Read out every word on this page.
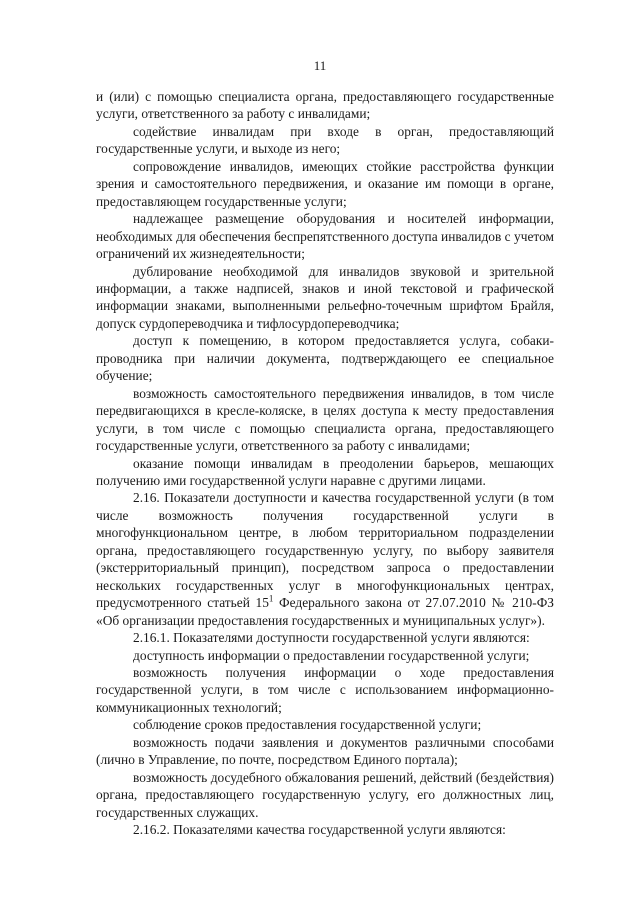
11

и (или) с помощью специалиста органа, предоставляющего государственные услуги, ответственного за работу с инвалидами;

содействие инвалидам при входе в орган, предоставляющий государственные услуги, и выходе из него;

сопровождение инвалидов, имеющих стойкие расстройства функции зрения и самостоятельного передвижения, и оказание им помощи в органе, предоставляющем государственные услуги;

надлежащее размещение оборудования и носителей информации, необходимых для обеспечения беспрепятственного доступа инвалидов с учетом ограничений их жизнедеятельности;

дублирование необходимой для инвалидов звуковой и зрительной информации, а также надписей, знаков и иной текстовой и графической информации знаками, выполненными рельефно-точечным шрифтом Брайля, допуск сурдопереводчика и тифлосурдопереводчика;

доступ к помещению, в котором предоставляется услуга, собаки-проводника при наличии документа, подтверждающего ее специальное обучение;

возможность самостоятельного передвижения инвалидов, в том числе передвигающихся в кресле-коляске, в целях доступа к месту предоставления услуги, в том числе с помощью специалиста органа, предоставляющего государственные услуги, ответственного за работу с инвалидами;

оказание помощи инвалидам в преодолении барьеров, мешающих получению ими государственной услуги наравне с другими лицами.

2.16. Показатели доступности и качества государственной услуги (в том числе возможность получения государственной услуги в многофункциональном центре, в любом территориальном подразделении органа, предоставляющего государственную услугу, по выбору заявителя (экстерриториальный принцип), посредством запроса о предоставлении нескольких государственных услуг в многофункциональных центрах, предусмотренного статьей $15^1$ Федерального закона от 27.07.2010 № 210-ФЗ «Об организации предоставления государственных и муниципальных услуг»).

2.16.1. Показателями доступности государственной услуги являются:

доступность информации о предоставлении государственной услуги;

возможность получения информации о ходе предоставления государственной услуги, в том числе с использованием информационно-коммуникационных технологий;

соблюдение сроков предоставления государственной услуги;

возможность подачи заявления и документов различными способами (лично в Управление, по почте, посредством Единого портала);

возможность досудебного обжалования решений, действий (бездействия) органа, предоставляющего государственную услугу, его должностных лиц, государственных служащих.

2.16.2. Показателями качества государственной услуги являются:
